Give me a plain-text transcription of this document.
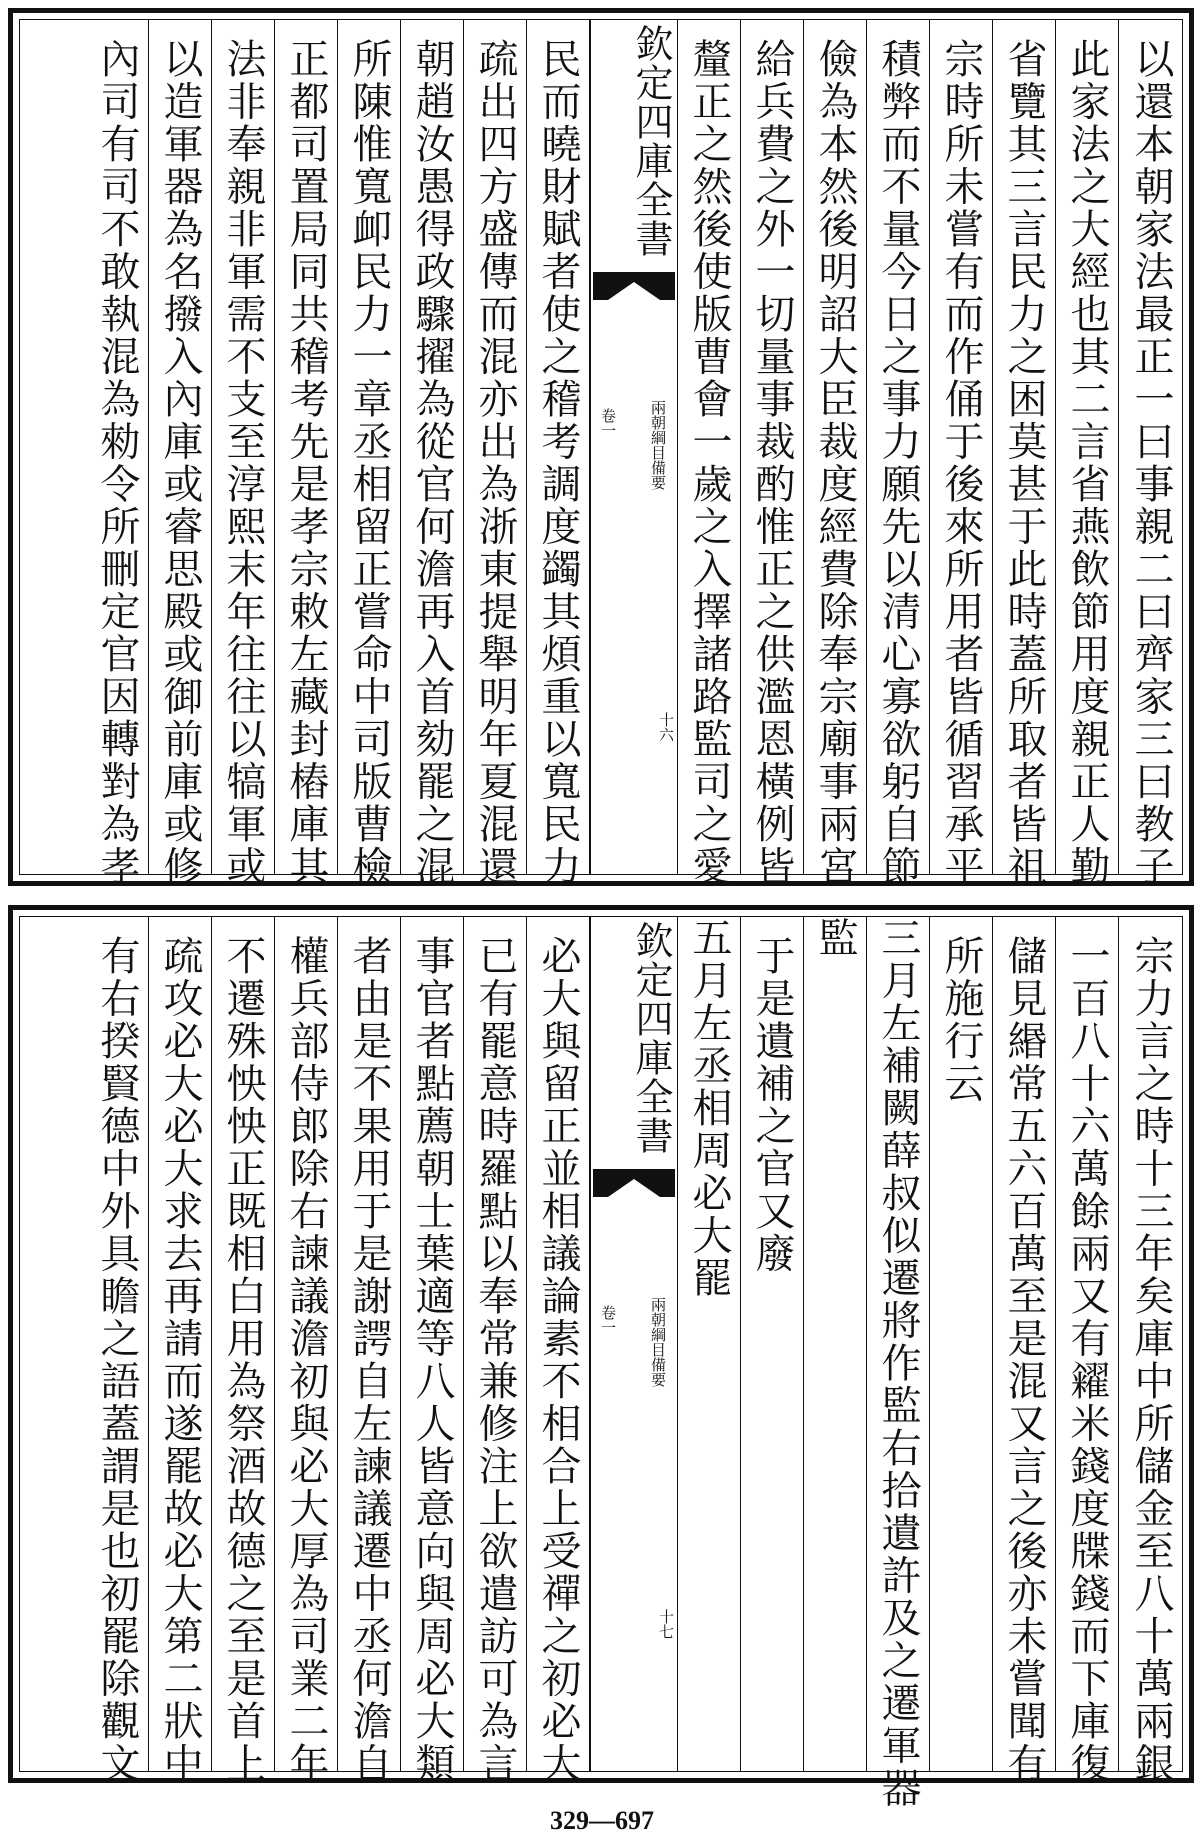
以還本朝家法最正一曰事親二曰齊家三曰教子
此家法之大經也其二言省燕飲節用度親正人勤
省覽其三言民力之困莫甚于此時蓋所取者皆祖
宗時所未嘗有而作俑于後來所用者皆循習承平
積弊而不量今日之事力願先以清心寡欲躬自節
儉為本然後明詔大臣裁度經費除奉宗廟事兩宮
給兵費之外一切量事裁酌惟正之供濫恩橫例皆
釐正之然後使版曹會一歲之入擇諸路監司之愛
欽定四庫全書
兩朝綱目備要
卷一
十六
民而曉財賦者使之稽考調度蠲其煩重以寬民力
疏出四方盛傳而混亦出為浙東提舉明年夏混還
朝趙汝愚得政驟擢為從官何澹再入首劾罷之混
所陳惟寬卹民力一章丞相留正嘗命中司版曹檢
正都司置局同共稽考先是孝宗敕左藏封樁庫其
法非奉親非軍需不支至淳熙末年往往以犒軍或
以造軍器為名撥入內庫或睿思殿或御前庫或修
內司有司不敢執混為勑令所刪定官因轉對為孝
宗力言之時十三年矣庫中所儲金至八十萬兩銀
一百八十六萬餘兩又有糴米錢度牒錢而下庫復
儲見緡常五六百萬至是混又言之後亦未嘗聞有
所施行云
三月左補闕薛叔似遷將作監右拾遺許及之遷軍器
監
于是遺補之官又廢
五月左丞相周必大罷
欽定四庫全書
兩朝綱目備要
卷一
十七
必大與留正並相議論素不相合上受禪之初必大
已有罷意時羅點以奉常兼修注上欲遣訪可為言
事官者點薦朝士葉適等八人皆意向與周必大類
者由是不果用于是謝諤自左諫議遷中丞何澹自
權兵部侍郎除右諫議澹初與必大厚為司業二年
不遷殊怏怏正既相白用為祭酒故德之至是首上
疏攻必大必大求去再請而遂罷故必大第二狀中
有右揆賢德中外具瞻之語蓋謂是也初罷除觀文
329—697
